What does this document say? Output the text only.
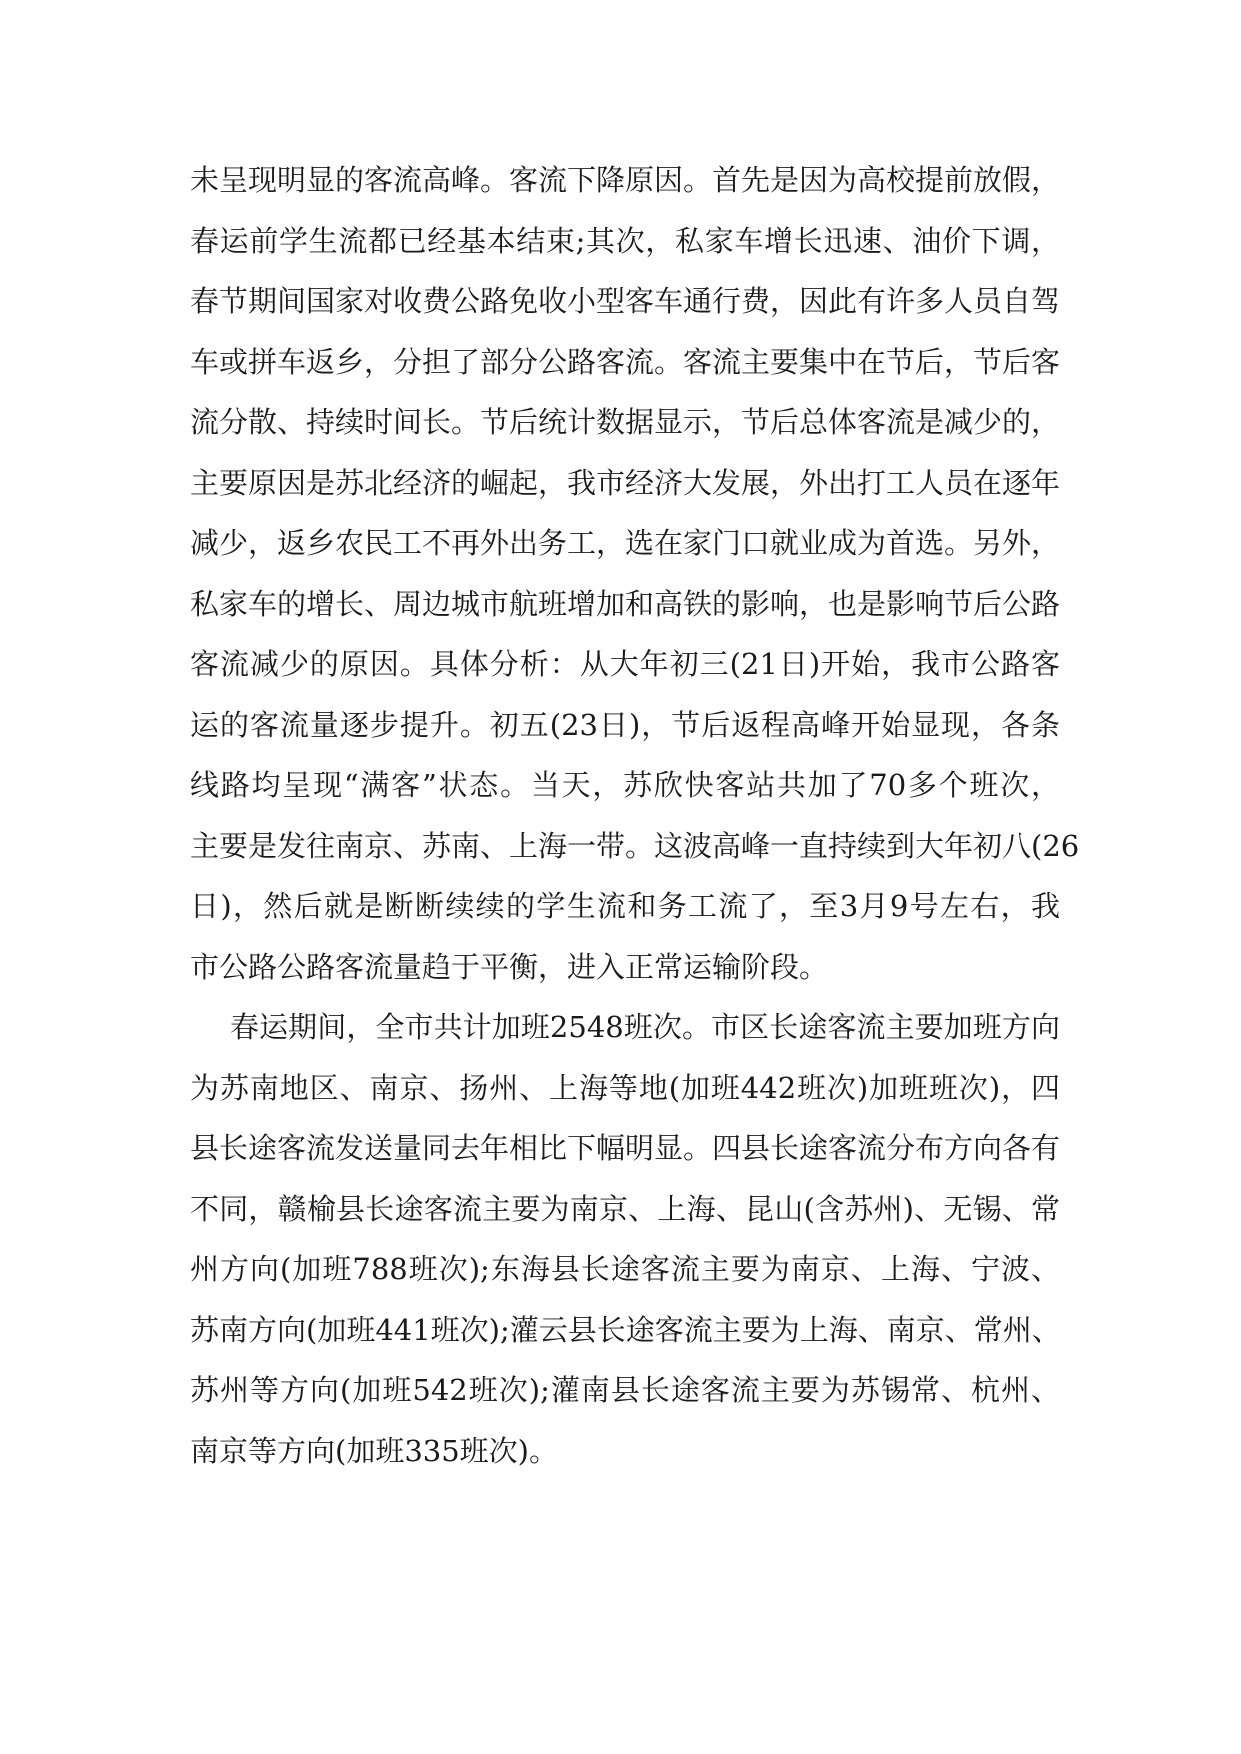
未呈现明显的客流高峰。客流下降原因。首先是因为高校提前放假，
春运前学生流都已经基本结束;其次，私家车增长迅速、油价下调，
春节期间国家对收费公路免收小型客车通行费，因此有许多人员自驾
车或拼车返乡，分担了部分公路客流。客流主要集中在节后，节后客
流分散、持续时间长。节后统计数据显示，节后总体客流是减少的，
主要原因是苏北经济的崛起，我市经济大发展，外出打工人员在逐年
减少，返乡农民工不再外出务工，选在家门口就业成为首选。另外，
私家车的增长、周边城市航班增加和高铁的影响，也是影响节后公路
客流减少的原因。具体分析：从大年初三(21日)开始，我市公路客
运的客流量逐步提升。初五(23日)，节后返程高峰开始显现，各条
线路均呈现“满客”状态。当天，苏欣快客站共加了70多个班次，
主要是发往南京、苏南、上海一带。这波高峰一直持续到大年初八(26
日)，然后就是断断续续的学生流和务工流了，至3月9号左右，我
市公路公路客流量趋于平衡，进入正常运输阶段。
春运期间，全市共计加班2548班次。市区长途客流主要加班方向
为苏南地区、南京、扬州、上海等地(加班442班次)加班班次)，四
县长途客流发送量同去年相比下幅明显。四县长途客流分布方向各有
不同，赣榆县长途客流主要为南京、上海、昆山(含苏州)、无锡、常
州方向(加班788班次);东海县长途客流主要为南京、上海、宁波、
苏南方向(加班441班次);灌云县长途客流主要为上海、南京、常州、
苏州等方向(加班542班次);灌南县长途客流主要为苏锡常、杭州、
南京等方向(加班335班次)。
